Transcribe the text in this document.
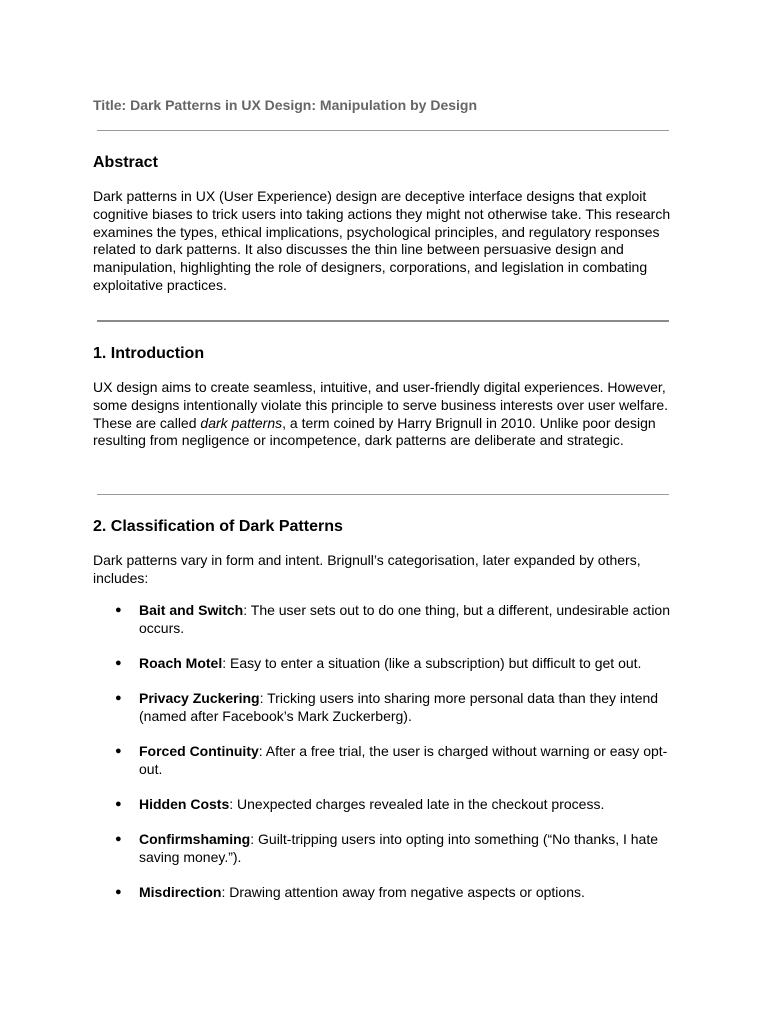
Title: Dark Patterns in UX Design: Manipulation by Design
Abstract

Dark patterns in UX (User Experience) design are deceptive interface designs that exploit cognitive biases to trick users into taking actions they might not otherwise take. This research examines the types, ethical implications, psychological principles, and regulatory responses related to dark patterns. It also discusses the thin line between persuasive design and manipulation, highlighting the role of designers, corporations, and legislation in combating exploitative practices.

1. Introduction

UX design aims to create seamless, intuitive, and user-friendly digital experiences. However, some designs intentionally violate this principle to serve business interests over user welfare. These are called dark patterns, a term coined by Harry Brignull in 2010. Unlike poor design resulting from negligence or incompetence, dark patterns are deliberate and strategic.

2. Classification of Dark Patterns

Dark patterns vary in form and intent. Brignull’s categorisation, later expanded by others, includes:

● Bait and Switch: The user sets out to do one thing, but a different, undesirable action occurs.
● Roach Motel: Easy to enter a situation (like a subscription) but difficult to get out.
● Privacy Zuckering: Tricking users into sharing more personal data than they intend (named after Facebook’s Mark Zuckerberg).
● Forced Continuity: After a free trial, the user is charged without warning or easy opt-out.
● Hidden Costs: Unexpected charges revealed late in the checkout process.
● Confirmshaming: Guilt-tripping users into opting into something (“No thanks, I hate saving money.”).
● Misdirection: Drawing attention away from negative aspects or options.
